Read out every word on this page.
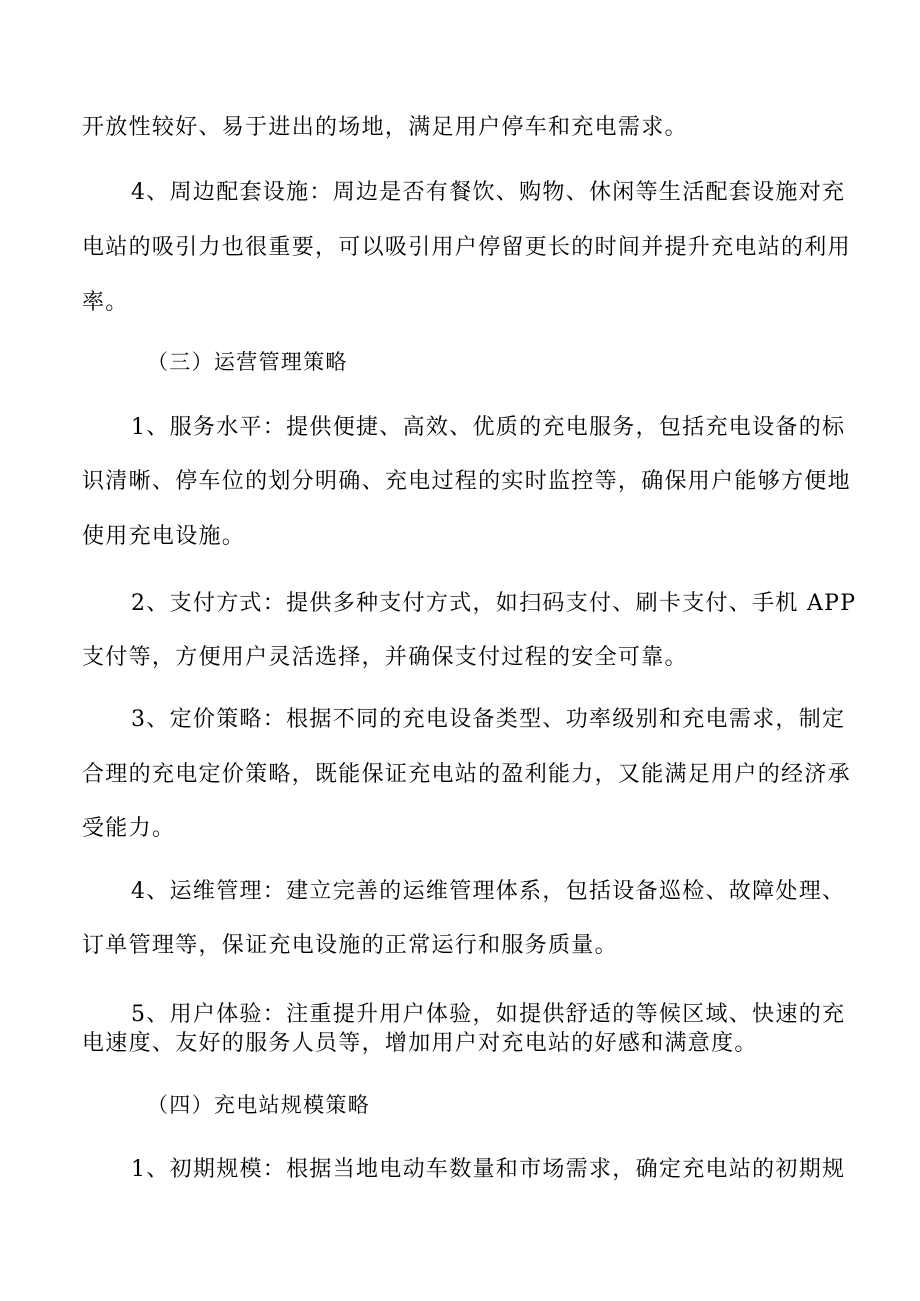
开放性较好、易于进出的场地，满足用户停车和充电需求。
4、周边配套设施：周边是否有餐饮、购物、休闲等生活配套设施对充
电站的吸引力也很重要，可以吸引用户停留更长的时间并提升充电站的利用
率。
（三）运营管理策略
1、服务水平：提供便捷、高效、优质的充电服务，包括充电设备的标
识清晰、停车位的划分明确、充电过程的实时监控等，确保用户能够方便地
使用充电设施。
2、支付方式：提供多种支付方式，如扫码支付、刷卡支付、手机 APP
支付等，方便用户灵活选择，并确保支付过程的安全可靠。
3、定价策略：根据不同的充电设备类型、功率级别和充电需求，制定
合理的充电定价策略，既能保证充电站的盈利能力，又能满足用户的经济承
受能力。
4、运维管理：建立完善的运维管理体系，包括设备巡检、故障处理、
订单管理等，保证充电设施的正常运行和服务质量。
5、用户体验：注重提升用户体验，如提供舒适的等候区域、快速的充
电速度、友好的服务人员等，增加用户对充电站的好感和满意度。
（四）充电站规模策略
1、初期规模：根据当地电动车数量和市场需求，确定充电站的初期规
